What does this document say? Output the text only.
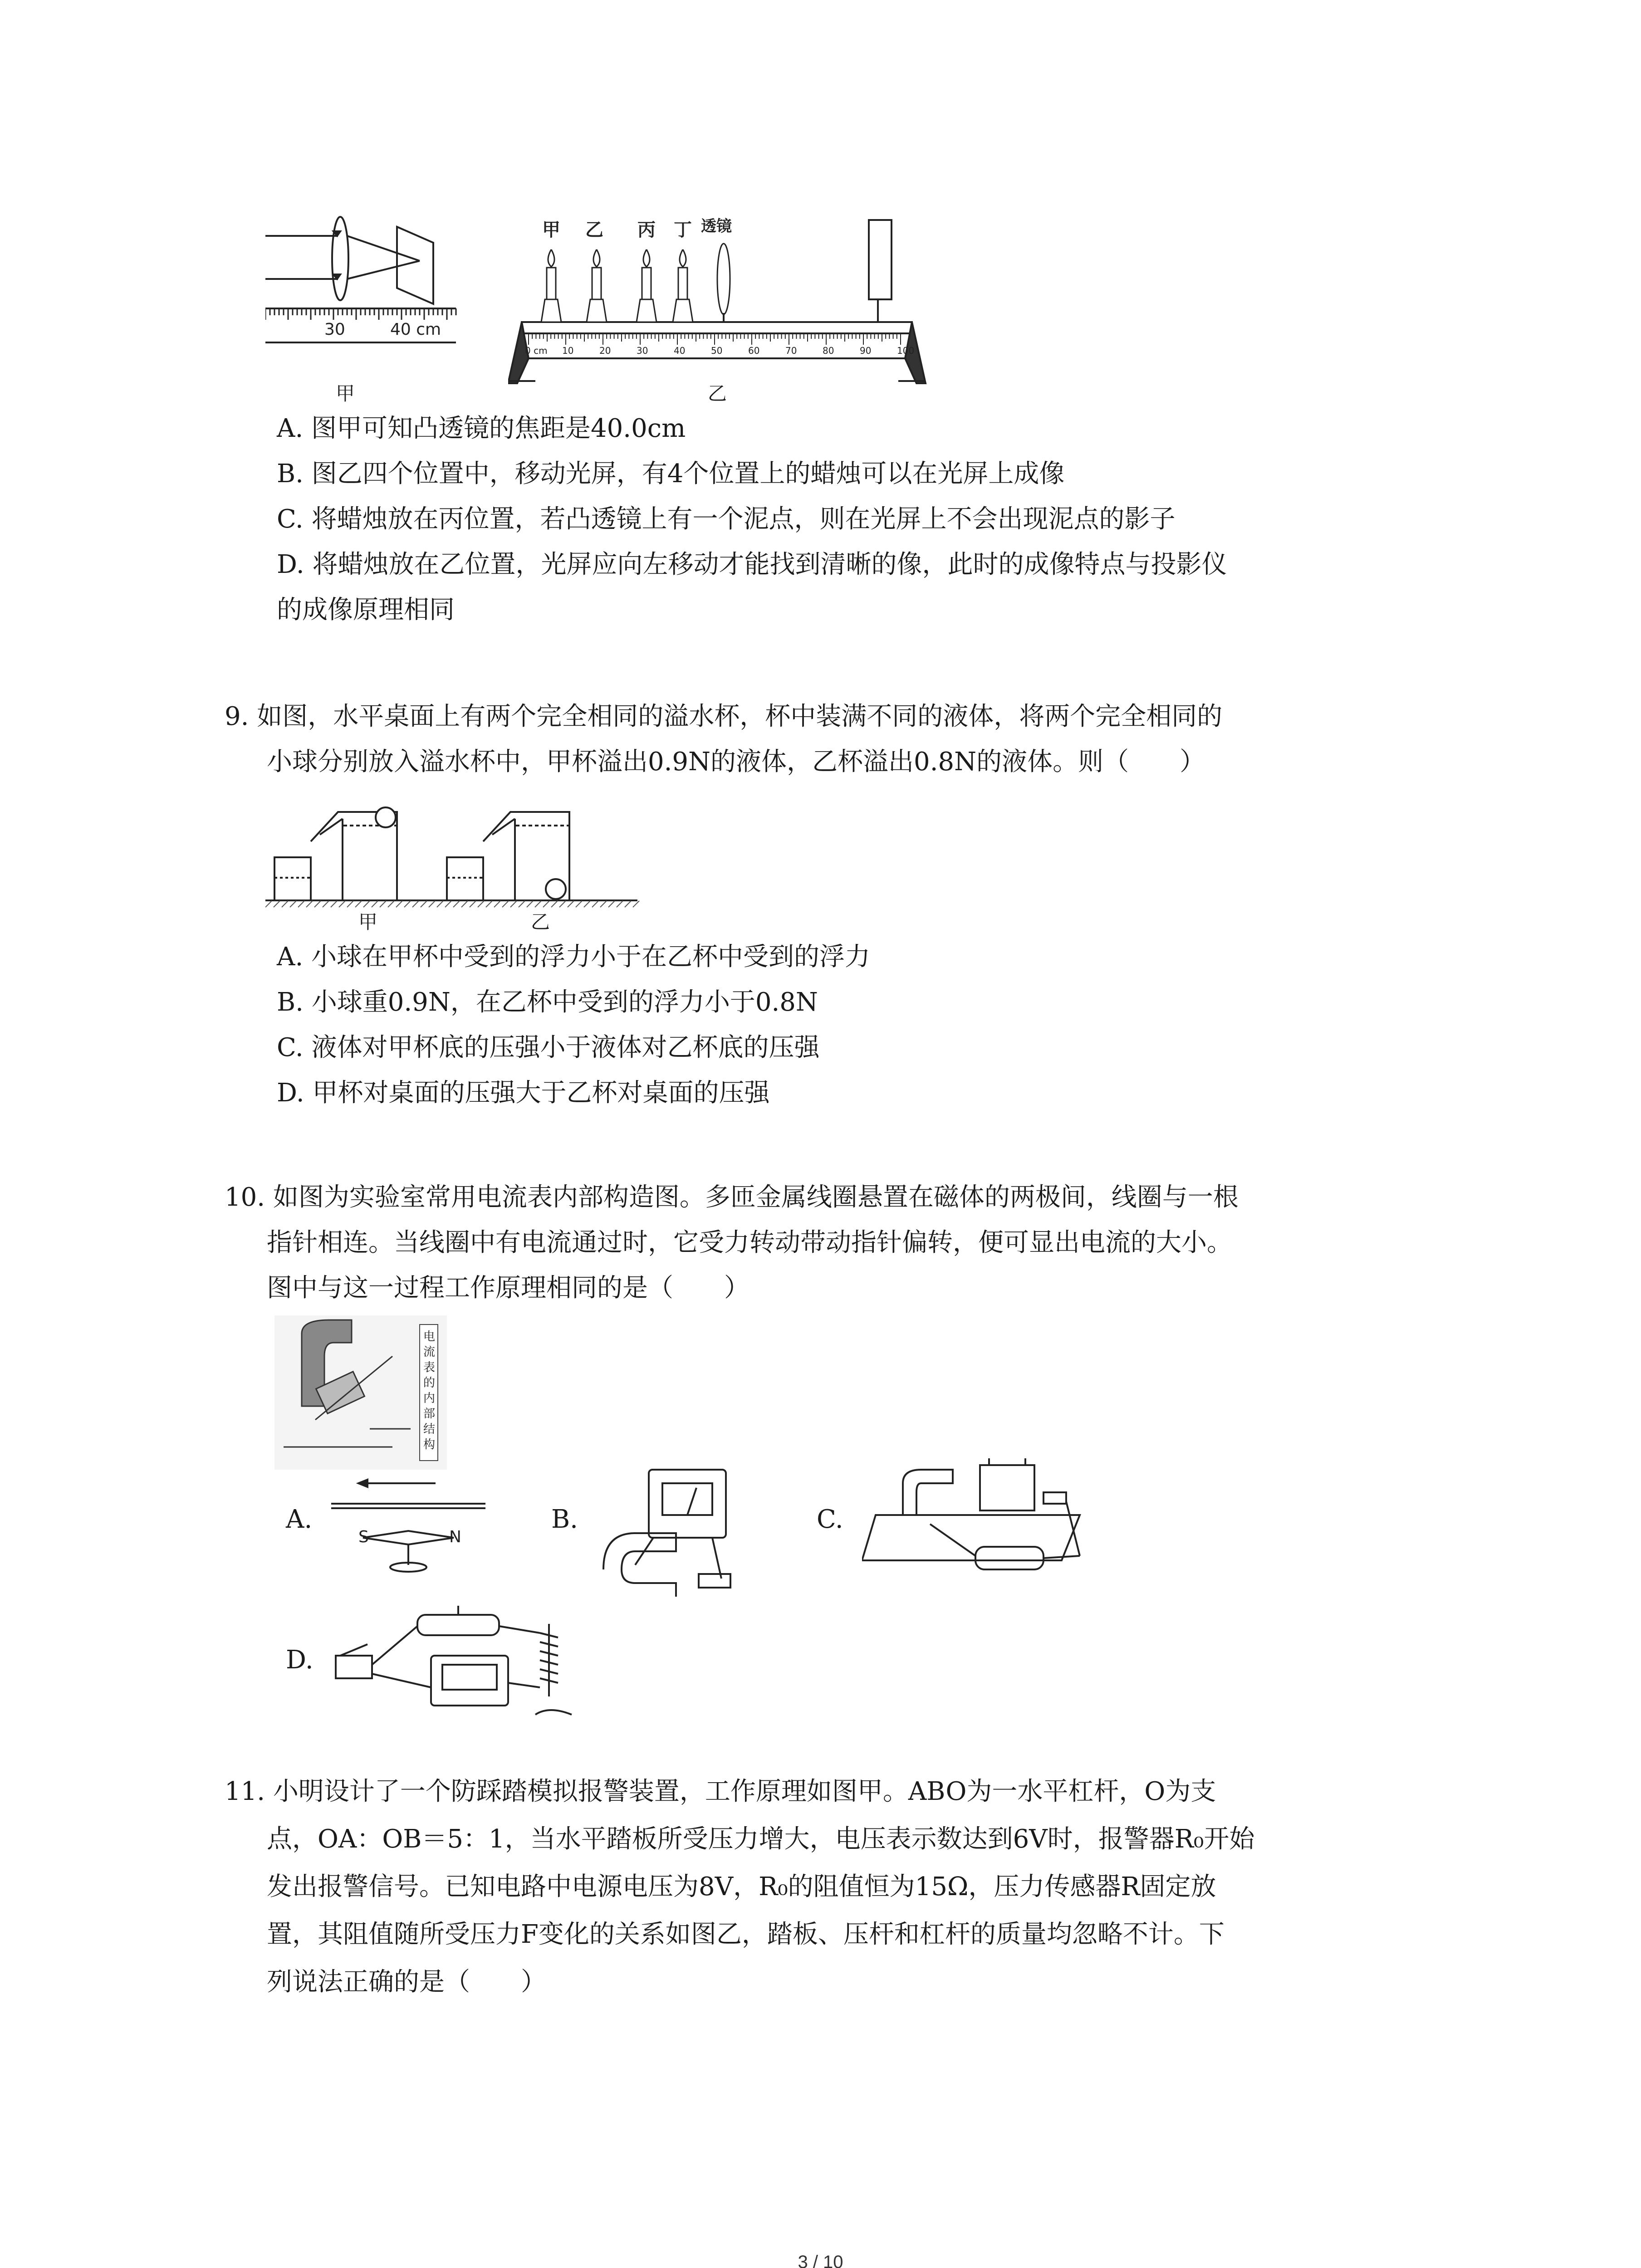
30	40 cm
甲
甲 乙 丙 丁 透镜
0 cm 10	20	30	40	50	60	70	80	90	100
乙
A. 图甲可知凸透镜的焦距是40.0cm
B. 图乙四个位置中，移动光屏，有4个位置上的蜡烛可以在光屏上成像
C. 将蜡烛放在丙位置，若凸透镜上有一个泥点，则在光屏上不会出现泥点的影子
D. 将蜡烛放在乙位置，光屏应向左移动才能找到清晰的像，此时的成像特点与投影仪
的成像原理相同
9. 如图，水平桌面上有两个完全相同的溢水杯，杯中装满不同的液体，将两个完全相同的
小球分别放入溢水杯中，甲杯溢出0.9N的液体，乙杯溢出0.8N的液体。则（　　）
甲	乙
A. 小球在甲杯中受到的浮力小于在乙杯中受到的浮力
B. 小球重0.9N，在乙杯中受到的浮力小于0.8N
C. 液体对甲杯底的压强小于液体对乙杯底的压强
D. 甲杯对桌面的压强大于乙杯对桌面的压强
10. 如图为实验室常用电流表内部构造图。多匝金属线圈悬置在磁体的两极间，线圈与一根
指针相连。当线圈中有电流通过时，它受力转动带动指针偏转，便可显出电流的大小。
图中与这一过程工作原理相同的是（　　）
电
流
表
的
内
部
结
构
A.
S	N
B.	C.
D.
11. 小明设计了一个防踩踏模拟报警装置，工作原理如图甲。ABO为一水平杠杆，O为支
点，OA：OB＝5：1，当水平踏板所受压力增大，电压表示数达到6V时，报警器R₀开始
发出报警信号。已知电路中电源电压为8V，R₀的阻值恒为15Ω，压力传感器R固定放
置，其阻值随所受压力F变化的关系如图乙，踏板、压杆和杠杆的质量均忽略不计。下
列说法正确的是（　　）
3 / 10
